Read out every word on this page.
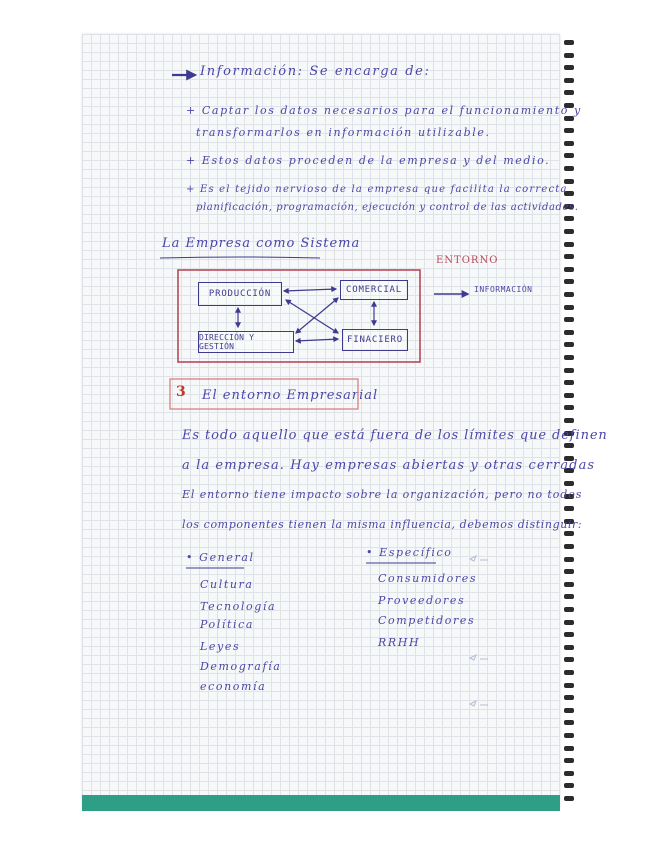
Información: Se encarga de:
+ Captar los datos necesarios para el funcionamiento y
transformarlos en información utilizable.
+ Estos datos proceden de la empresa y del medio.
+ Es el tejido nervioso de la empresa que facilita la correcta
planificación, programación, ejecución y control de las actividades.
La Empresa como Sistema
ENTORNO
PRODUCCIÓN	COMERCIAL
DIRECCIÓN Y GESTIÓN
FINACIERO
INFORMACIÓN
3 El entorno Empresarial
Es todo aquello que está fuera de los límites que definen
a la empresa. Hay empresas abiertas y otras cerradas
El entorno tiene impacto sobre la organización, pero no todos
los componentes tienen la misma influencia, debemos distinguir:
• General
Cultura
Tecnología
Política
Leyes
Demografía
economía
• Específico
Consumidores
Proveedores
Competidores
RRHH
